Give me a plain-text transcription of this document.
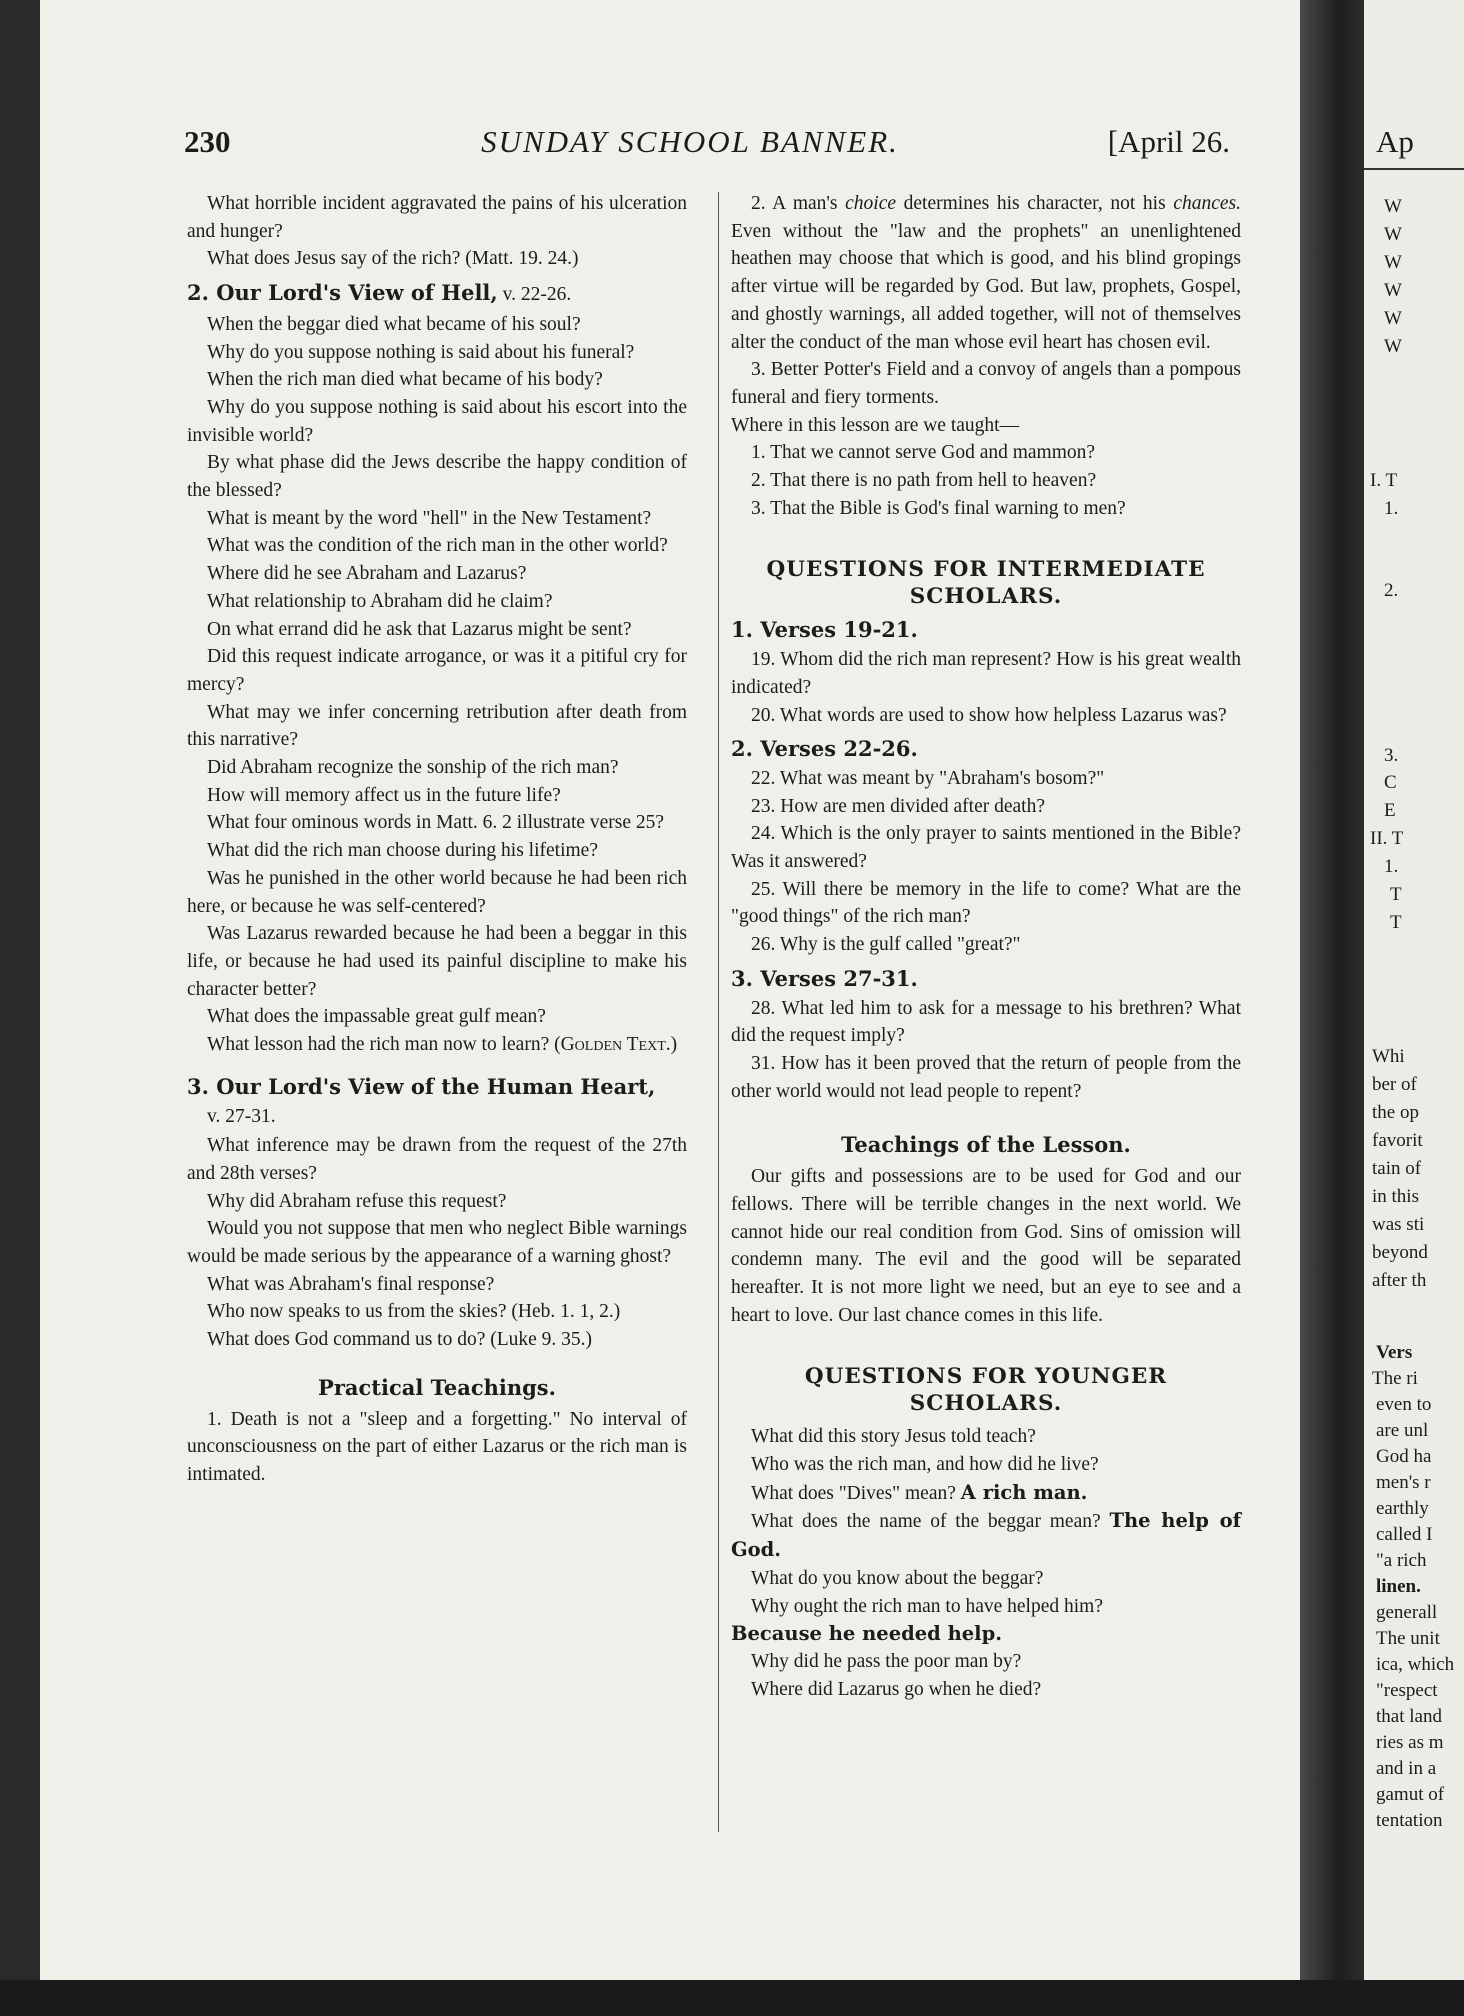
230	SUNDAY SCHOOL BANNER.	[April 26.

What horrible incident aggravated the pains of his ulceration and hunger?

What does Jesus say of the rich? (Matt. 19. 24.)

2. Our Lord's View of Hell, v. 22-26.

When the beggar died what became of his soul?

Why do you suppose nothing is said about his funeral?

When the rich man died what became of his body?

Why do you suppose nothing is said about his escort into the invisible world?

By what phase did the Jews describe the happy condition of the blessed?

What is meant by the word "hell" in the New Testament?

What was the condition of the rich man in the other world?

Where did he see Abraham and Lazarus?

What relationship to Abraham did he claim?

On what errand did he ask that Lazarus might be sent?

Did this request indicate arrogance, or was it a pitiful cry for mercy?

What may we infer concerning retribution after death from this narrative?

Did Abraham recognize the sonship of the rich man?

How will memory affect us in the future life?

What four ominous words in Matt. 6. 2 illustrate verse 25?

What did the rich man choose during his lifetime?

Was he punished in the other world because he had been rich here, or because he was self-centered?

Was Lazarus rewarded because he had been a beggar in this life, or because he had used its painful discipline to make his character better?

What does the impassable great gulf mean?

What lesson had the rich man now to learn? (Golden Text.)

3. Our Lord's View of the Human Heart,
v. 27-31.

What inference may be drawn from the request of the 27th and 28th verses?

Why did Abraham refuse this request?

Would you not suppose that men who neglect Bible warnings would be made serious by the appearance of a warning ghost?

What was Abraham's final response?

Who now speaks to us from the skies? (Heb. 1. 1, 2.)

What does God command us to do? (Luke 9. 35.)

Practical Teachings.

1. Death is not a "sleep and a forgetting." No interval of unconsciousness on the part of either Lazarus or the rich man is intimated.

2. A man's choice determines his character, not his chances. Even without the "law and the prophets" an unenlightened heathen may choose that which is good, and his blind gropings after virtue will be regarded by God. But law, prophets, Gospel, and ghostly warnings, all added together, will not of themselves alter the conduct of the man whose evil heart has chosen evil.

3. Better Potter's Field and a convoy of angels than a pompous funeral and fiery torments.

Where in this lesson are we taught—

1. That we cannot serve God and mammon?

2. That there is no path from hell to heaven?

3. That the Bible is God's final warning to men?

QUESTIONS FOR INTERMEDIATE SCHOLARS.
1. Verses 19-21.

19. Whom did the rich man represent? How is his great wealth indicated?

20. What words are used to show how helpless Lazarus was?

2. Verses 22-26.

22. What was meant by "Abraham's bosom?"

23. How are men divided after death?

24. Which is the only prayer to saints mentioned in the Bible? Was it answered?

25. Will there be memory in the life to come? What are the "good things" of the rich man?

26. Why is the gulf called "great?"

3. Verses 27-31.

28. What led him to ask for a message to his brethren? What did the request imply?

31. How has it been proved that the return of people from the other world would not lead people to repent?

Teachings of the Lesson.

Our gifts and possessions are to be used for God and our fellows. There will be terrible changes in the next world. We cannot hide our real condition from God. Sins of omission will condemn many. The evil and the good will be separated hereafter. It is not more light we need, but an eye to see and a heart to love. Our last chance comes in this life.

QUESTIONS FOR YOUNGER SCHOLARS.

What did this story Jesus told teach?

Who was the rich man, and how did he live?

What does "Dives" mean? A rich man.

What does the name of the beggar mean? The help of God.

What do you know about the beggar?

Why ought the rich man to have helped him?

Because he needed help.

Why did he pass the poor man by?

Where did Lazarus go when he died?

Ap
W
W
W
W
W
W
I. T
1.
2.
3.
C
E
II. T
1.
T
T
Whi
ber of
the op
favorit
tain of
in this
was sti
beyond
after th
Vers
The ri
even to
are unl
God ha
men's r
earthly
called I
"a rich
linen.
generall
The unit
ica, which
"respect
that land
ries as m
and in a
gamut of
tentation
